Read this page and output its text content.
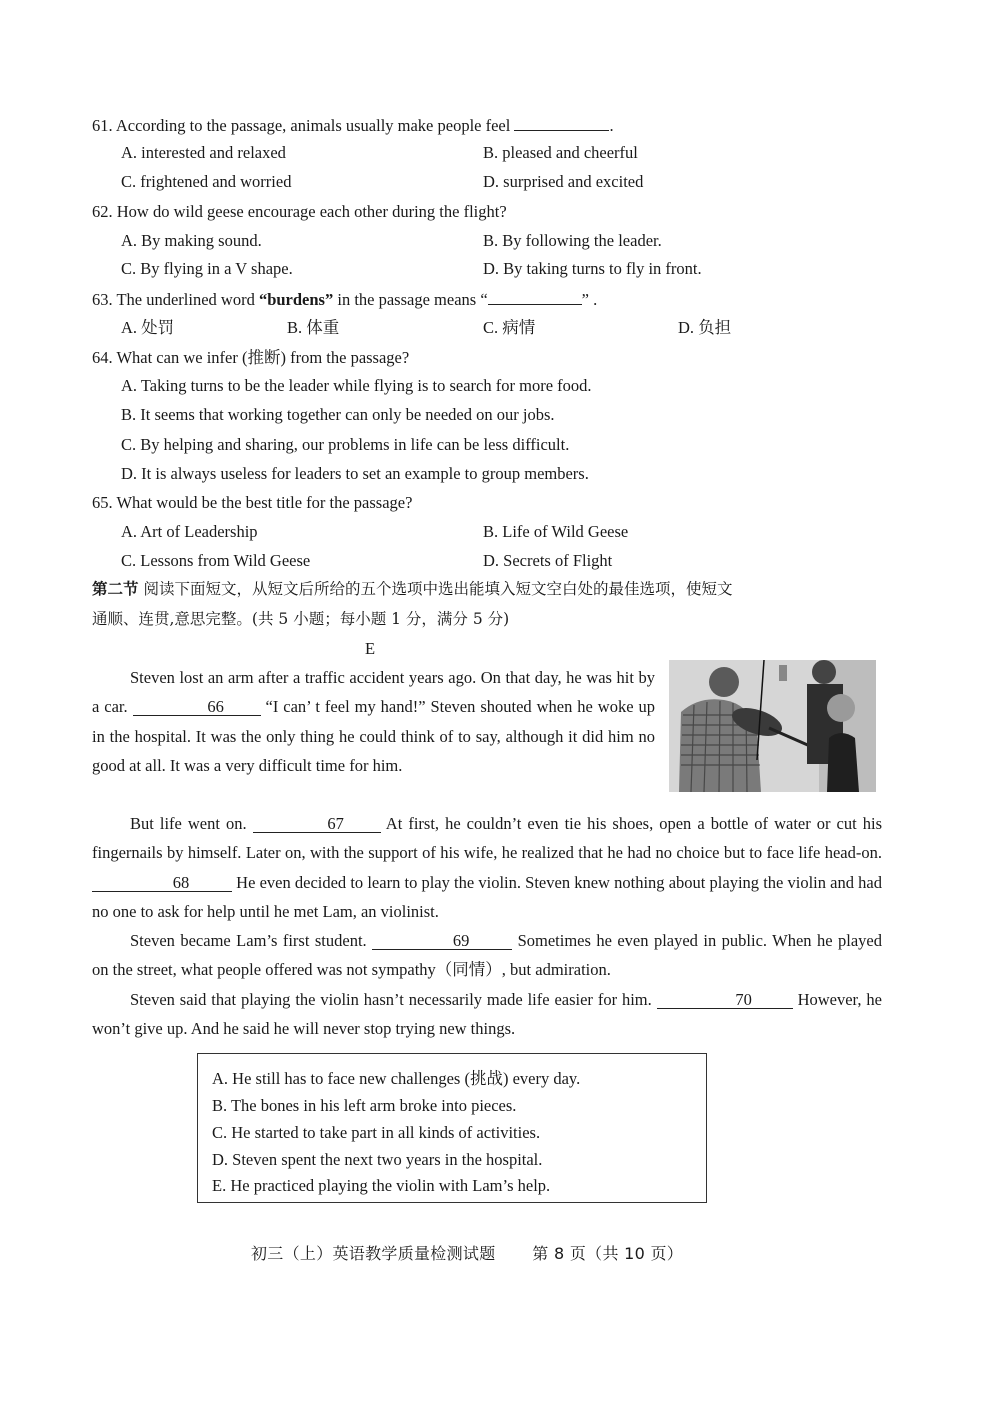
61. According to the passage, animals usually make people feel	.
A. interested and relaxed	B. pleased and cheerful
C. frightened and worried	D. surprised and excited
62. How do wild geese encourage each other during the flight?
A. By making sound.	B. By following the leader.
C. By flying in a V shape.	D. By taking turns to fly in front.
63. The underlined word “burdens” in the passage means “	” .
A. 处罚	B. 体重	C. 病情	D. 负担
64. What can we infer (推断) from the passage?
A. Taking turns to be the leader while flying is to search for more food.
B. It seems that working together can only be needed on our jobs.
C. By helping and sharing, our problems in life can be less difficult.
D. It is always useless for leaders to set an example to group members.
65. What would be the best title for the passage?
A. Art of Leadership	B. Life of Wild Geese
C. Lessons from Wild Geese	D. Secrets of Flight
第二节 阅读下面短文，从短文后所给的五个选项中选出能填入短文空白处的最佳选项，使短文
通顺、连贯,意思完整。(共 5 小题；每小题 1 分，满分 5 分)
E

Steven lost an arm after a traffic accident years ago. On that day, he was hit by a car.	66 “I can’ t feel my hand!” Steven shouted when he woke up in the hospital. It was the only thing he could think of to say, although it did him no good at all. It was a very difficult time for him.

But life went on.	67 At first, he couldn’t even tie his shoes, open a bottle of water or cut his fingernails by himself. Later on, with the support of his wife, he realized that he had no choice but to face life head-on. 68	He even decided to learn to play the violin. Steven knew nothing about playing the violin and had no one to ask for help until he met Lam, an violinist.

Steven became Lam’s first student.	69	Sometimes he even played in public. When he played on the street, what people offered was not sympathy（同情）, but admiration.

Steven said that playing the violin hasn’t necessarily made life easier for him.	70 However, he won’t give up. And he said he will never stop trying new things.

A. He still has to face new challenges (挑战) every day.
B. The bones in his left arm broke into pieces.
C. He started to take part in all kinds of activities.
D. Steven spent the next two years in the hospital.
E. He practiced playing the violin with Lam’s help.
初三（上）英语教学质量检测试题 第 8 页（共 10 页）
